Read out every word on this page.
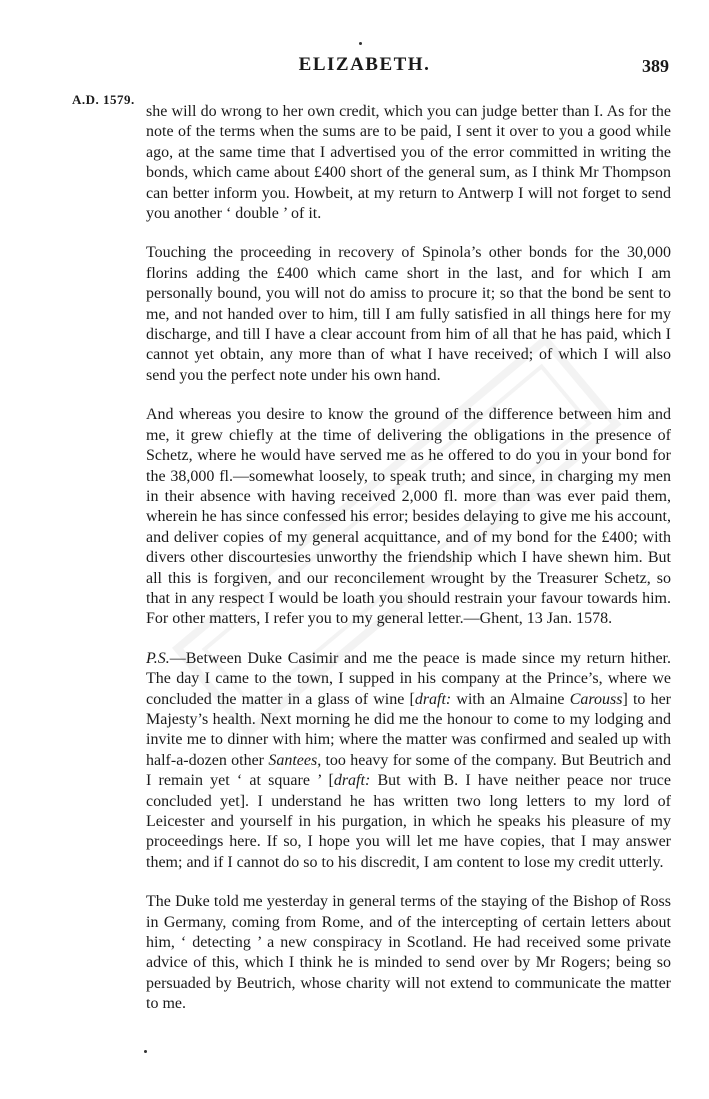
ELIZABETH.	389
A.D. 1579.

she will do wrong to her own credit, which you can judge better than I. As for the note of the terms when the sums are to be paid, I sent it over to you a good while ago, at the same time that I advertised you of the error committed in writing the bonds, which came about £400 short of the general sum, as I think Mr Thompson can better inform you. Howbeit, at my return to Antwerp I will not forget to send you another ‘ double ’ of it.

Touching the proceeding in recovery of Spinola’s other bonds for the 30,000 florins adding the £400 which came short in the last, and for which I am personally bound, you will not do amiss to procure it; so that the bond be sent to me, and not handed over to him, till I am fully satisfied in all things here for my discharge, and till I have a clear account from him of all that he has paid, which I cannot yet obtain, any more than of what I have received; of which I will also send you the perfect note under his own hand.

And whereas you desire to know the ground of the difference between him and me, it grew chiefly at the time of delivering the obligations in the presence of Schetz, where he would have served me as he offered to do you in your bond for the 38,000 fl.—somewhat loosely, to speak truth; and since, in charging my men in their absence with having received 2,000 fl. more than was ever paid them, wherein he has since confessed his error; besides delaying to give me his account, and deliver copies of my general acquittance, and of my bond for the £400; with divers other discourtesies unworthy the friendship which I have shewn him. But all this is forgiven, and our reconcilement wrought by the Treasurer Schetz, so that in any respect I would be loath you should restrain your favour towards him. For other matters, I refer you to my general letter.—Ghent, 13 Jan. 1578.

P.S.—Between Duke Casimir and me the peace is made since my return hither. The day I came to the town, I supped in his company at the Prince’s, where we concluded the matter in a glass of wine [draft: with an Almaine Carouss] to her Majesty’s health. Next morning he did me the honour to come to my lodging and invite me to dinner with him; where the matter was confirmed and sealed up with half-a-dozen other Santees, too heavy for some of the company. But Beutrich and I remain yet ‘ at square ’ [draft: But with B. I have neither peace nor truce concluded yet]. I understand he has written two long letters to my lord of Leicester and yourself in his purgation, in which he speaks his pleasure of my proceedings here. If so, I hope you will let me have copies, that I may answer them; and if I cannot do so to his discredit, I am content to lose my credit utterly.

The Duke told me yesterday in general terms of the staying of the Bishop of Ross in Germany, coming from Rome, and of the intercepting of certain letters about him, ‘ detecting ’ a new conspiracy in Scotland. He had received some private advice of this, which I think he is minded to send over by Mr Rogers; being so persuaded by Beutrich, whose charity will not extend to communicate the matter to me.
